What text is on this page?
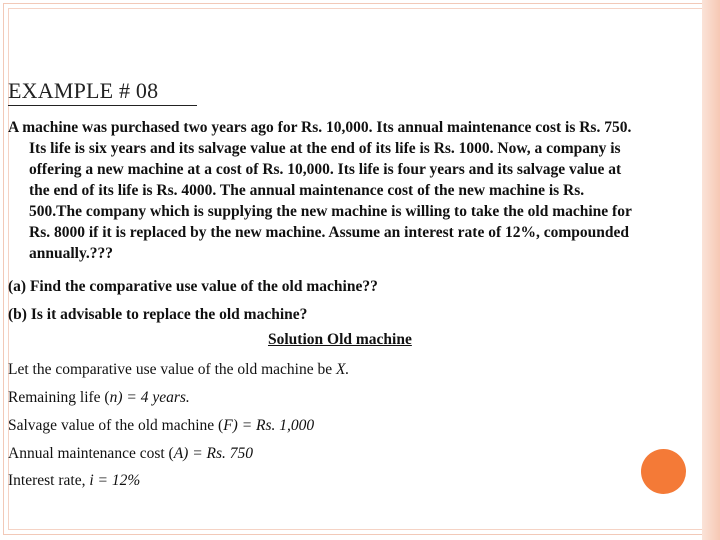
EXAMPLE # 08
A machine was purchased two years ago for Rs. 10,000. Its annual maintenance cost is Rs. 750.
Its life is six years and its salvage value at the end of its life is Rs. 1000. Now, a company is
offering a new machine at a cost of Rs. 10,000. Its life is four years and its salvage value at
the end of its life is Rs. 4000. The annual maintenance cost of the new machine is Rs.
500.The company which is supplying the new machine is willing to take the old machine for
Rs. 8000 if it is replaced by the new machine. Assume an interest rate of 12%, compounded
annually.???
(a) Find the comparative use value of the old machine??
(b) Is it advisable to replace the old machine?
Solution Old machine
Let the comparative use value of the old machine be X.
Remaining life (n) = 4 years.
Salvage value of the old machine (F) = Rs. 1,000
Annual maintenance cost (A) = Rs. 750
Interest rate, i = 12%
